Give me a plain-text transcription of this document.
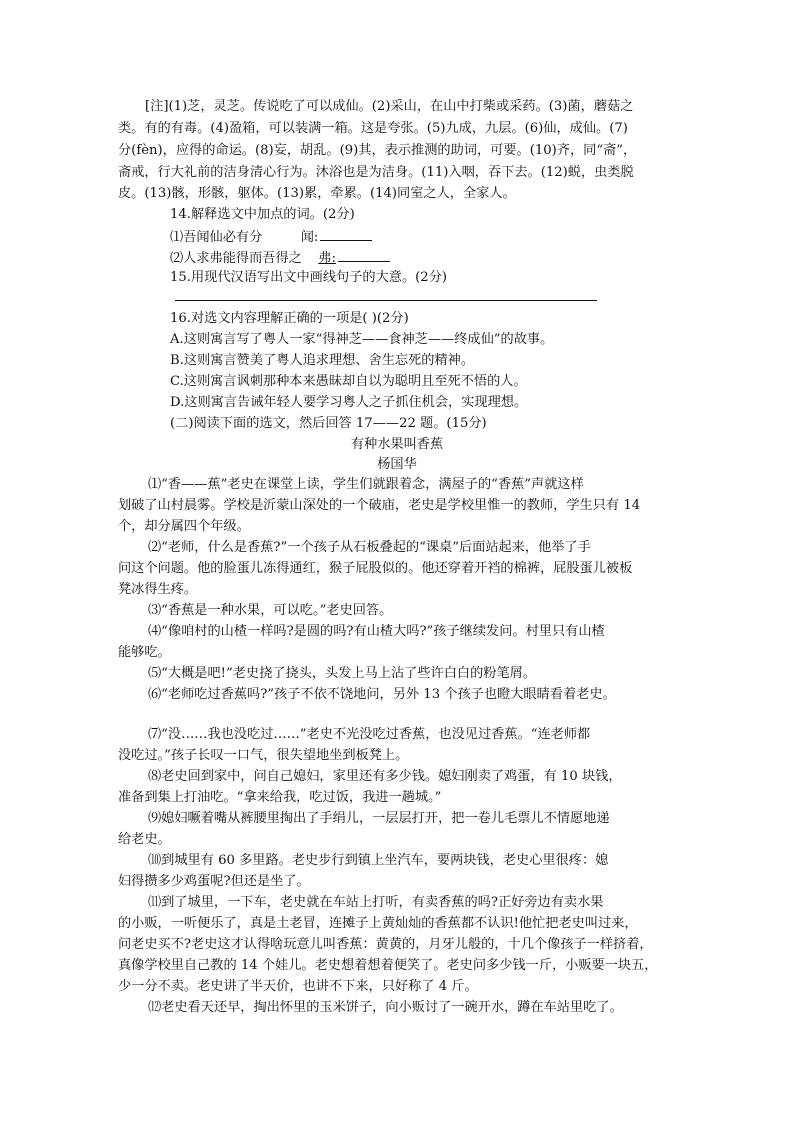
[注](1)芝，灵芝。传说吃了可以成仙。(2)采山，在山中打柴或采药。(3)菌，蘑菇之
类。有的有毒。(4)盈箱，可以装满一箱。这是夸张。(5)九成，九层。(6)仙，成仙。(7)
分(fèn)，应得的命运。(8)妄，胡乱。(9)其，表示推测的助词，可要。(10)齐，同“斋”，
斋戒，行大礼前的洁身清心行为。沐浴也是为洁身。(11)入咽，吞下去。(12)蜕，虫类脱
皮。(13)骸，形骸，躯体。(13)累，牵累。(14)同室之人，全家人。
14.解释选文中加点的词。(2分)
⑴吾闻仙必有分	闻:
⑵人求弗能得而吾得之 弗:
15.用现代汉语写出文中画线句子的大意。(2分)
16.对选文内容理解正确的一项是( )(2分)
A.这则寓言写了粤人一家“得神芝——食神芝——终成仙”的故事。
B.这则寓言赞美了粤人追求理想、舍生忘死的精神。
C.这则寓言讽刺那种本来愚昧却自以为聪明且至死不悟的人。
D.这则寓言告诫年轻人要学习粤人之子抓住机会，实现理想。
(二)阅读下面的选文，然后回答 17——22 题。(15分)
有种水果叫香蕉
杨国华
⑴“香——蕉”老史在课堂上读，学生们就跟着念，满屋子的“香蕉”声就这样
划破了山村晨雾。学校是沂蒙山深处的一个破庙，老史是学校里惟一的教师，学生只有 14
个，却分属四个年级。
⑵“老师，什么是香蕉?”一个孩子从石板叠起的“课桌”后面站起来，他举了手
问这个问题。他的脸蛋儿冻得通红，猴子屁股似的。他还穿着开裆的棉裤，屁股蛋儿被板
凳冰得生疼。
⑶“香蕉是一种水果，可以吃。”老史回答。
⑷“像咱村的山楂一样吗?是圆的吗?有山楂大吗?”孩子继续发问。村里只有山楂
能够吃。
⑸“大概是吧!”老史挠了挠头，头发上马上沾了些许白白的粉笔屑。
⑹“老师吃过香蕉吗?”孩子不依不饶地问，另外 13 个孩子也瞪大眼睛看着老史。
⑺“没……我也没吃过……”老史不光没吃过香蕉，也没见过香蕉。“连老师都
没吃过。”孩子长叹一口气，很失望地坐到板凳上。
⑻老史回到家中，问自己媳妇，家里还有多少钱。媳妇刚卖了鸡蛋，有 10 块钱，
准备到集上打油吃。“拿来给我，吃过饭，我进一趟城。”
⑼媳妇噘着嘴从裤腰里掏出了手绢儿，一层层打开，把一卷儿毛票儿不情愿地递
给老史。
⑽到城里有 60 多里路。老史步行到镇上坐汽车，要两块钱，老史心里很疼：媳
妇得攒多少鸡蛋呢?但还是坐了。
⑾到了城里，一下车，老史就在车站上打听，有卖香蕉的吗?正好旁边有卖水果
的小贩，一听便乐了，真是土老冒，连摊子上黄灿灿的香蕉都不认识!他忙把老史叫过来，
问老史买不?老史这才认得啥玩意儿叫香蕉：黄黄的，月牙儿般的，十几个像孩子一样挤着，
真像学校里自己教的 14 个娃儿。老史想着想着便笑了。老史问多少钱一斤，小贩要一块五，
少一分不卖。老史讲了半天价，也讲不下来，只好称了 4 斤。
⑿老史看天还早，掏出怀里的玉米饼子，向小贩讨了一碗开水，蹲在车站里吃了。
